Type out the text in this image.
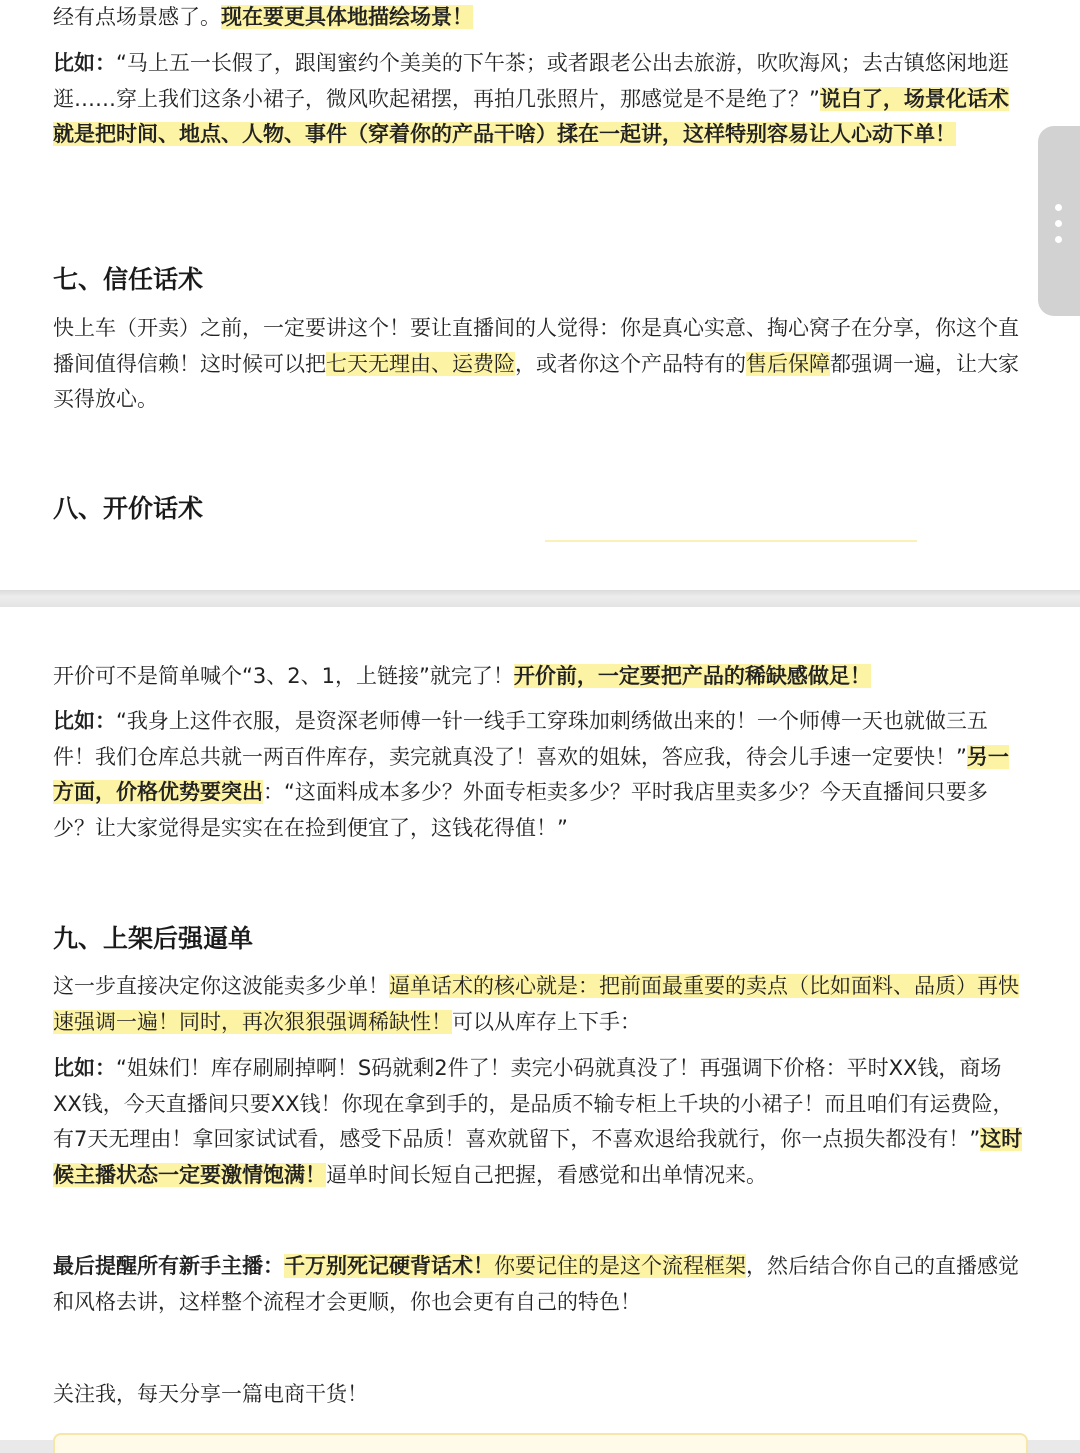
经有点场景感了。现在要更具体地描绘场景！

比如：“马上五一长假了，跟闺蜜约个美美的下午茶；或者跟老公出去旅游，吹吹海风；去古镇悠闲地逛逛……穿上我们这条小裙子，微风吹起裙摆，再拍几张照片，那感觉是不是绝了？”说白了，场景化话术就是把时间、地点、人物、事件（穿着你的产品干啥）揉在一起讲，这样特别容易让人心动下单！

七、信任话术

快上车（开卖）之前，一定要讲这个！要让直播间的人觉得：你是真心实意、掏心窝子在分享，你这个直播间值得信赖！这时候可以把七天无理由、运费险，或者你这个产品特有的售后保障都强调一遍，让大家买得放心。

八、开价话术

开价可不是简单喊个“3、2、1，上链接”就完了！开价前，一定要把产品的稀缺感做足！

比如：“我身上这件衣服，是资深老师傅一针一线手工穿珠加刺绣做出来的！一个师傅一天也就做三五件！我们仓库总共就一两百件库存，卖完就真没了！喜欢的姐妹，答应我，待会儿手速一定要快！”另一方面，价格优势要突出：“这面料成本多少？外面专柜卖多少？平时我店里卖多少？今天直播间只要多少？让大家觉得是实实在在捡到便宜了，这钱花得值！”

九、上架后强逼单

这一步直接决定你这波能卖多少单！逼单话术的核心就是：把前面最重要的卖点（比如面料、品质）再快速强调一遍！同时，再次狠狠强调稀缺性！可以从库存上下手：

比如：“姐妹们！库存刷刷掉啊！S码就剩2件了！卖完小码就真没了！再强调下价格：平时XX钱，商场XX钱，今天直播间只要XX钱！你现在拿到手的，是品质不输专柜上千块的小裙子！而且咱们有运费险，有7天无理由！拿回家试试看，感受下品质！喜欢就留下，不喜欢退给我就行，你一点损失都没有！”这时候主播状态一定要激情饱满！逼单时间长短自己把握，看感觉和出单情况来。

最后提醒所有新手主播：千万别死记硬背话术！你要记住的是这个流程框架，然后结合你自己的直播感觉和风格去讲，这样整个流程才会更顺，你也会更有自己的特色！

关注我，每天分享一篇电商干货！
